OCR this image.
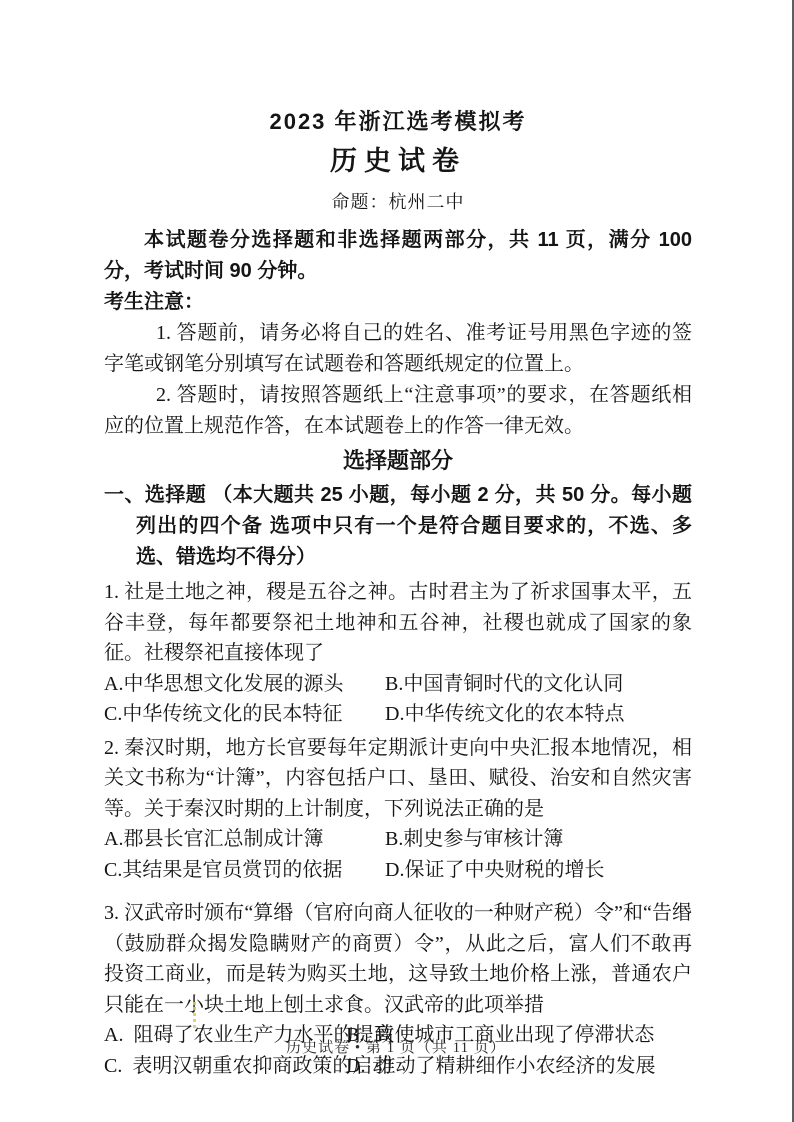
2023 年浙江选考模拟考
历史试卷
命题：杭州二中

本试题卷分选择题和非选择题两部分，共 11 页，满分 100 分，考试时间 90 分钟。

考生注意：

1. 答题前，请务必将自己的姓名、准考证号用黑色字迹的签字笔或钢笔分别填写在试题卷和答题纸规定的位置上。

2. 答题时，请按照答题纸上“注意事项”的要求，在答题纸相应的位置上规范作答，在本试题卷上的作答一律无效。

选择题部分

一、选择题 （本大题共 25 小题，每小题 2 分，共 50 分。每小题列出的四个备 选项中只有一个是符合题目要求的，不选、多选、错选均不得分）

1. 社是土地之神，稷是五谷之神。古时君主为了祈求国事太平，五谷丰登，每年都要祭祀土地神和五谷神，社稷也就成了国家的象征。社稷祭祀直接体现了

A.中华思想文化发展的源头	B.中国青铜时代的文化认同
C.中华传统文化的民本特征	D.中华传统文化的农本特点

2. 秦汉时期，地方长官要每年定期派计吏向中央汇报本地情况，相关文书称为“计簿”，内容包括户口、垦田、赋役、治安和自然灾害等。关于秦汉时期的上计制度，下列说法正确的是

A.郡县长官汇总制成计簿	B.刺史参与审核计簿
C.其结果是官员赏罚的依据	D.保证了中央财税的增长

3. 汉武帝时颁布“算缗（官府向商人征收的一种财产税）令”和“告缗（鼓励群众揭发隐瞒财产的商贾）令”，从此之后，富人们不敢再投资工商业，而是转为购买土地，这导致土地价格上涨，普通农户只能在一小块土地上刨土求食。汉武帝的此项举措

A.  阻碍了农业生产力水平的提高
B.  致使城市工商业出现了停滞状态
C.  表明汉朝重农抑商政策的启动
D.  推动了精耕细作小农经济的发展
历史试卷 • 第 1 页（共 11 页）
